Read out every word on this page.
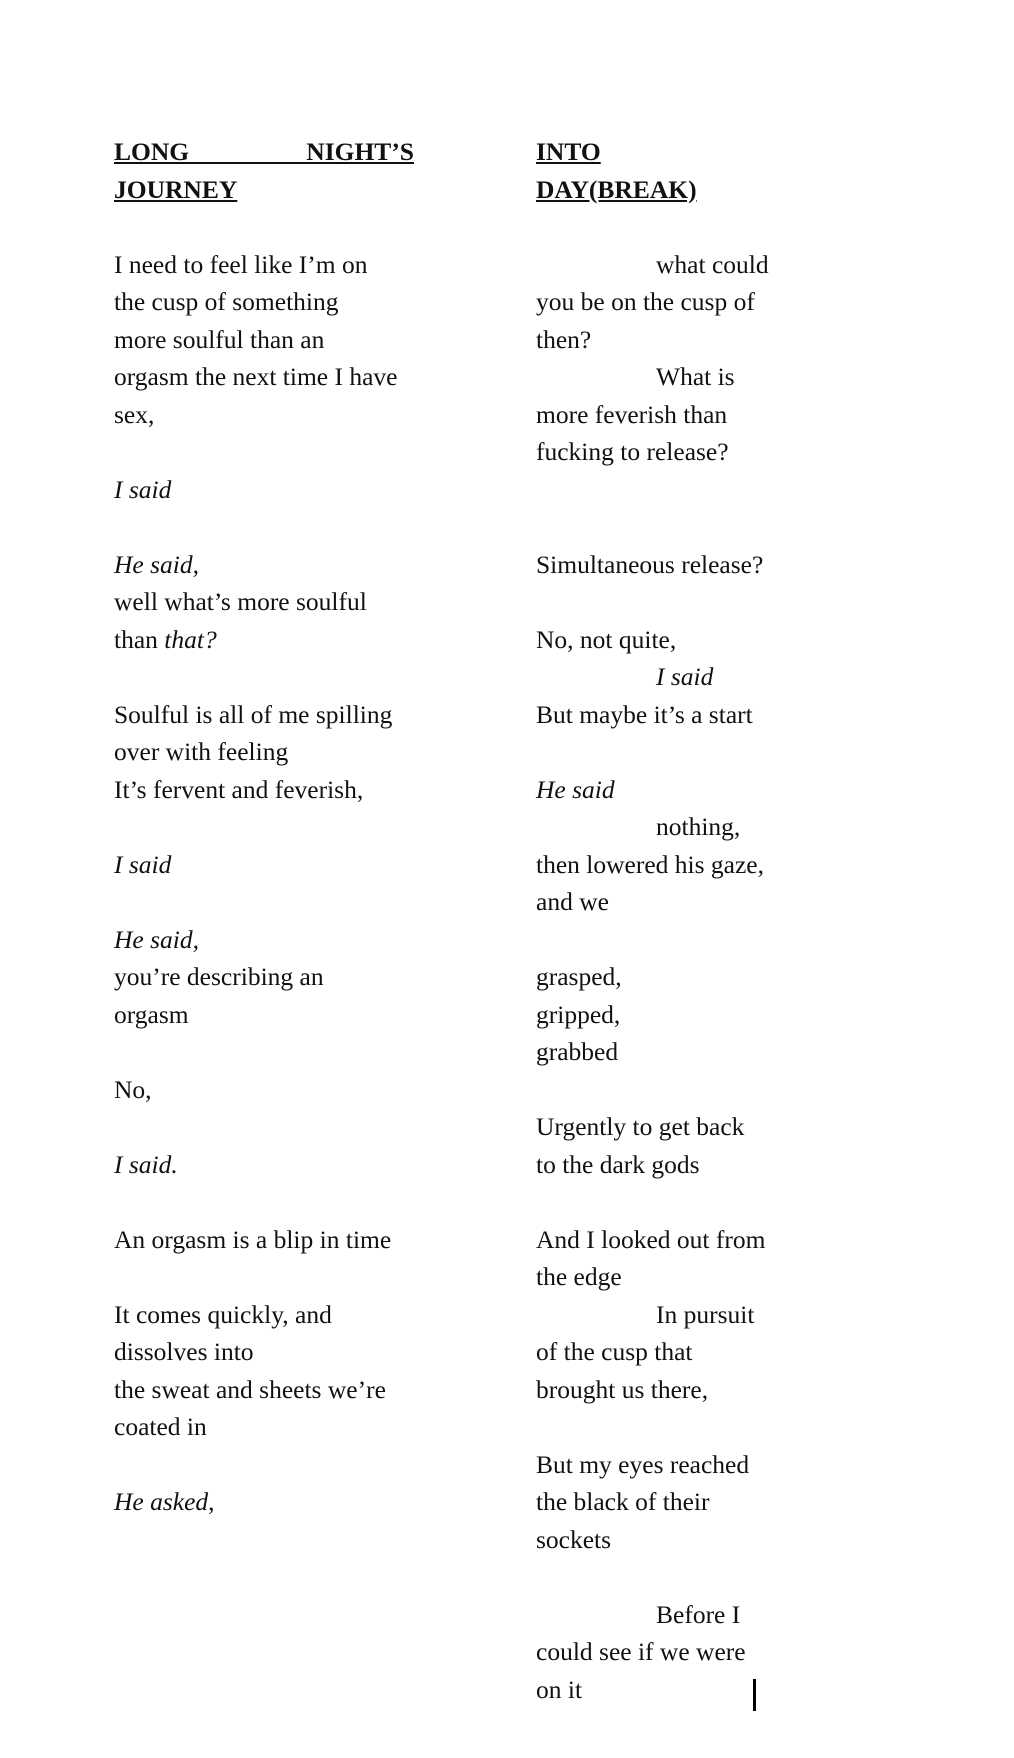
LONG NIGHT’S JOURNEY
I need to feel like I’m on
the cusp of something
more soulful than an
orgasm the next time I have
sex,
I said
He said,
well what’s more soulful
than that?
Soulful is all of me spilling
over with feeling
It’s fervent and feverish,
I said
He said,
you’re describing an
orgasm
No,
I said.
An orgasm is a blip in time
It comes quickly, and
dissolves into
the sweat and sheets we’re
coated in
He asked,
INTO
DAY(BREAK)
what could
you be on the cusp of
then?
What is
more feverish than
fucking to release?
Simultaneous release?
No, not quite,
I said
But maybe it’s a start
He said
nothing,
then lowered his gaze,
and we
grasped,
gripped,
grabbed
Urgently to get back
to the dark gods
And I looked out from
the edge
In pursuit
of the cusp that
brought us there,
But my eyes reached
the black of their
sockets
Before I
could see if we were
on it
